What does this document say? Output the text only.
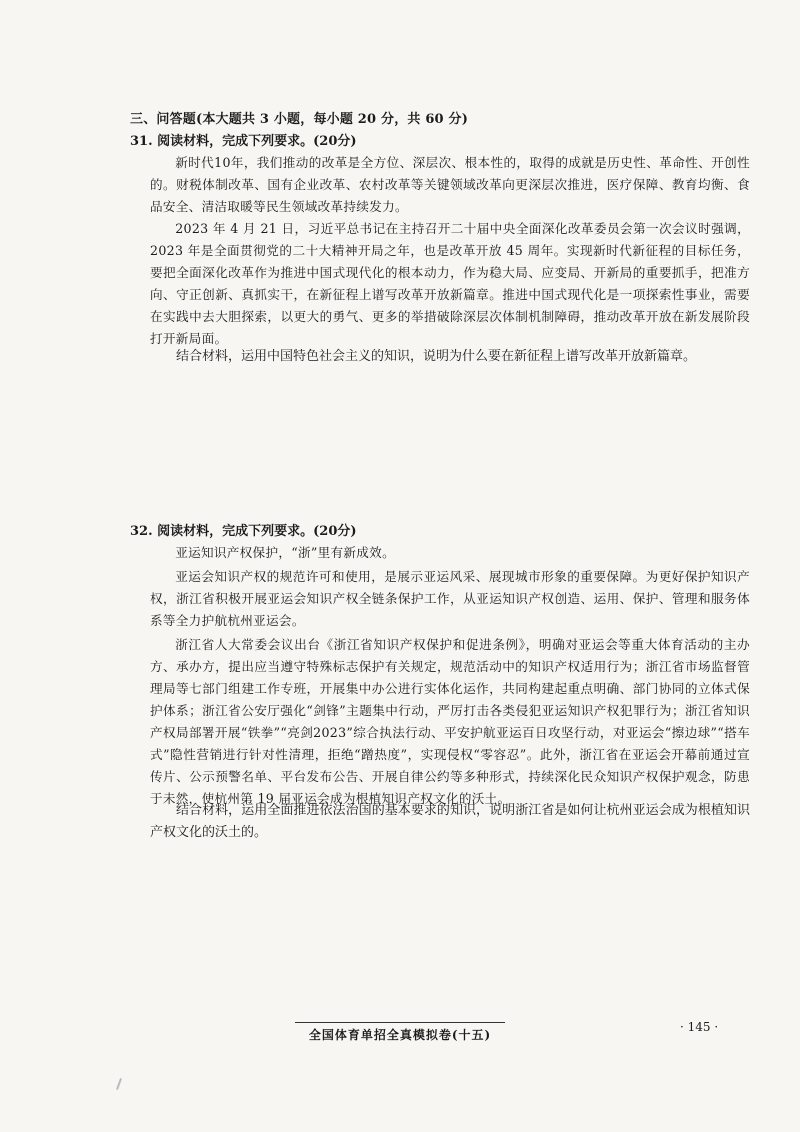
三、问答题(本大题共 3 小题，每小题 20 分，共 60 分)
31. 阅读材料，完成下列要求。(20分)
新时代10年，我们推动的改革是全方位、深层次、根本性的，取得的成就是历史性、革命性、开创性的。财税体制改革、国有企业改革、农村改革等关键领域改革向更深层次推进，医疗保障、教育均衡、食品安全、清洁取暖等民生领域改革持续发力。
2023 年 4 月 21 日，习近平总书记在主持召开二十届中央全面深化改革委员会第一次会议时强调，2023 年是全面贯彻党的二十大精神开局之年，也是改革开放 45 周年。实现新时代新征程的目标任务，要把全面深化改革作为推进中国式现代化的根本动力，作为稳大局、应变局、开新局的重要抓手，把准方向、守正创新、真抓实干，在新征程上谱写改革开放新篇章。推进中国式现代化是一项探索性事业，需要在实践中去大胆探索，以更大的勇气、更多的举措破除深层次体制机制障碍，推动改革开放在新发展阶段打开新局面。
结合材料，运用中国特色社会主义的知识，说明为什么要在新征程上谱写改革开放新篇章。
32. 阅读材料，完成下列要求。(20分)
亚运知识产权保护，“浙”里有新成效。
亚运会知识产权的规范许可和使用，是展示亚运风采、展现城市形象的重要保障。为更好保护知识产权，浙江省积极开展亚运会知识产权全链条保护工作，从亚运知识产权创造、运用、保护、管理和服务体系等全力护航杭州亚运会。
浙江省人大常委会议出台《浙江省知识产权保护和促进条例》，明确对亚运会等重大体育活动的主办方、承办方，提出应当遵守特殊标志保护有关规定，规范活动中的知识产权适用行为；浙江省市场监督管理局等七部门组建工作专班，开展集中办公进行实体化运作，共同构建起重点明确、部门协同的立体式保护体系；浙江省公安厅强化“剑锋”主题集中行动，严厉打击各类侵犯亚运知识产权犯罪行为；浙江省知识产权局部署开展“铁拳”“亮剑2023”综合执法行动、平安护航亚运百日攻坚行动，对亚运会“擦边球”“搭车式”隐性营销进行针对性清理，拒绝“蹭热度”，实现侵权“零容忍”。此外，浙江省在亚运会开幕前通过宣传片、公示预警名单、平台发布公告、开展自律公约等多种形式，持续深化民众知识产权保护观念，防患于未然，使杭州第 19 届亚运会成为根植知识产权文化的沃土。
结合材料，运用全面推进依法治国的基本要求的知识，说明浙江省是如何让杭州亚运会成为根植知识产权文化的沃土的。
全国体育单招全真模拟卷(十五)
· 145 ·
